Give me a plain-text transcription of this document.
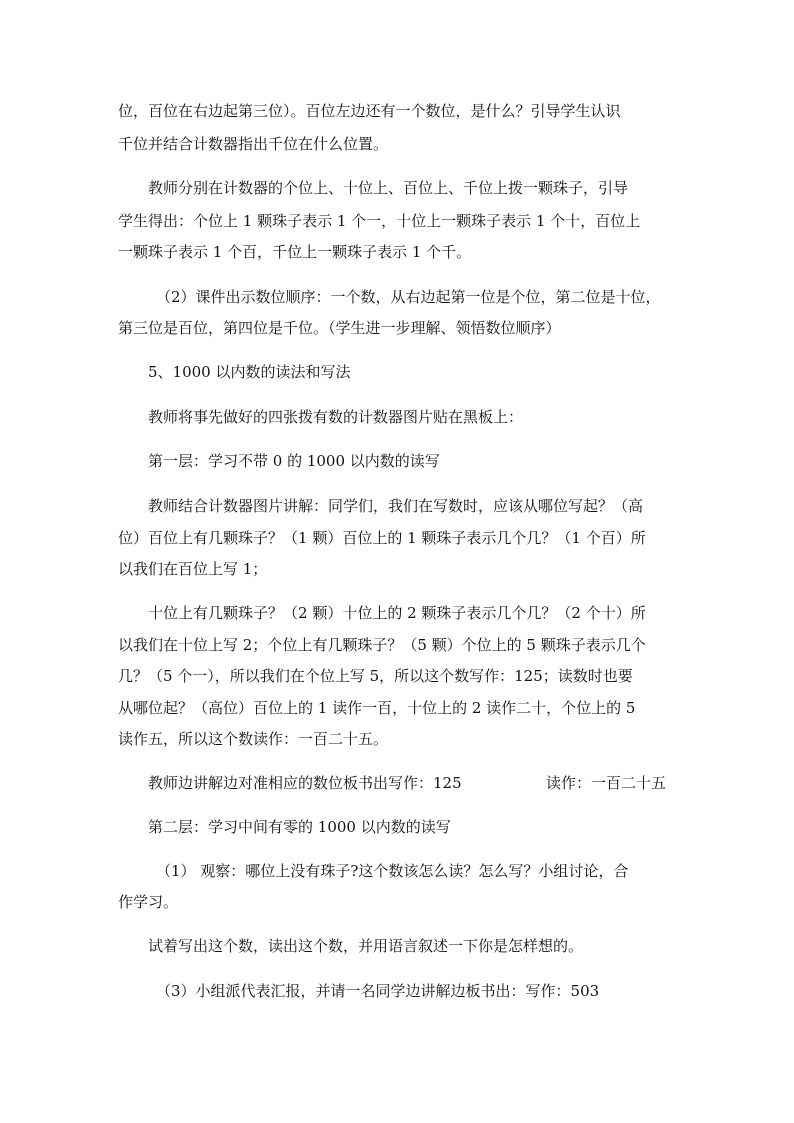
位，百位在右边起第三位）。百位左边还有一个数位，是什么？引导学生认识
千位并结合计数器指出千位在什么位置。
教师分别在计数器的个位上、十位上、百位上、千位上拨一颗珠子，引导
学生得出：个位上 1 颗珠子表示 1 个一，十位上一颗珠子表示 1 个十，百位上
一颗珠子表示 1 个百，千位上一颗珠子表示 1 个千。
（2）课件出示数位顺序：一个数，从右边起第一位是个位，第二位是十位，
第三位是百位，第四位是千位。（学生进一步理解、领悟数位顺序）
5、1000 以内数的读法和写法
教师将事先做好的四张拨有数的计数器图片贴在黑板上：
第一层：学习不带 0 的 1000 以内数的读写
教师结合计数器图片讲解：同学们，我们在写数时，应该从哪位写起？（高
位）百位上有几颗珠子？（1 颗）百位上的 1 颗珠子表示几个几？（1 个百）所
以我们在百位上写 1；
十位上有几颗珠子？（2 颗）十位上的 2 颗珠子表示几个几？（2 个十）所
以我们在十位上写 2；个位上有几颗珠子？（5 颗）个位上的 5 颗珠子表示几个
几？（5 个一），所以我们在个位上写 5，所以这个数写作：125；读数时也要
从哪位起？（高位）百位上的 1 读作一百，十位上的 2 读作二十，个位上的 5
读作五，所以这个数读作：一百二十五。
教师边讲解边对准相应的数位板书出写作：125	读作：一百二十五
第二层：学习中间有零的 1000 以内数的读写
（1） 观察：哪位上没有珠子?这个数该怎么读？怎么写？小组讨论，合
作学习。
试着写出这个数，读出这个数，并用语言叙述一下你是怎样想的。
（3）小组派代表汇报，并请一名同学边讲解边板书出：写作：503
